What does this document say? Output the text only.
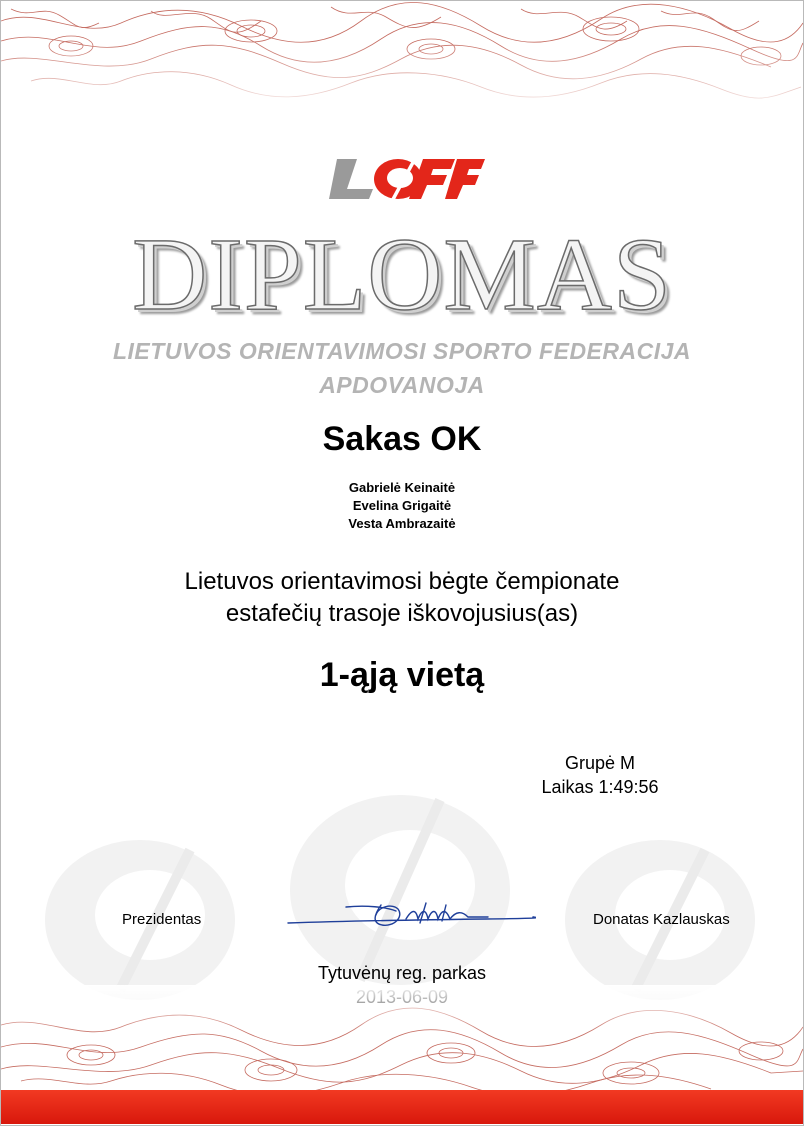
DIPLOMAS
LIETUVOS ORIENTAVIMOSI SPORTO FEDERACIJA
APDOVANOJA
Sakas OK
Gabrielė Keinaitė
Evelina Grigaitė
Vesta Ambrazaitė
Lietuvos orientavimosi bėgte čempionate
estafečių trasoje iškovojusius(as)
1-ąją vietą
Grupė M
Laikas 1:49:56
Prezidentas	Donatas Kazlauskas
Tytuvėnų reg. parkas
